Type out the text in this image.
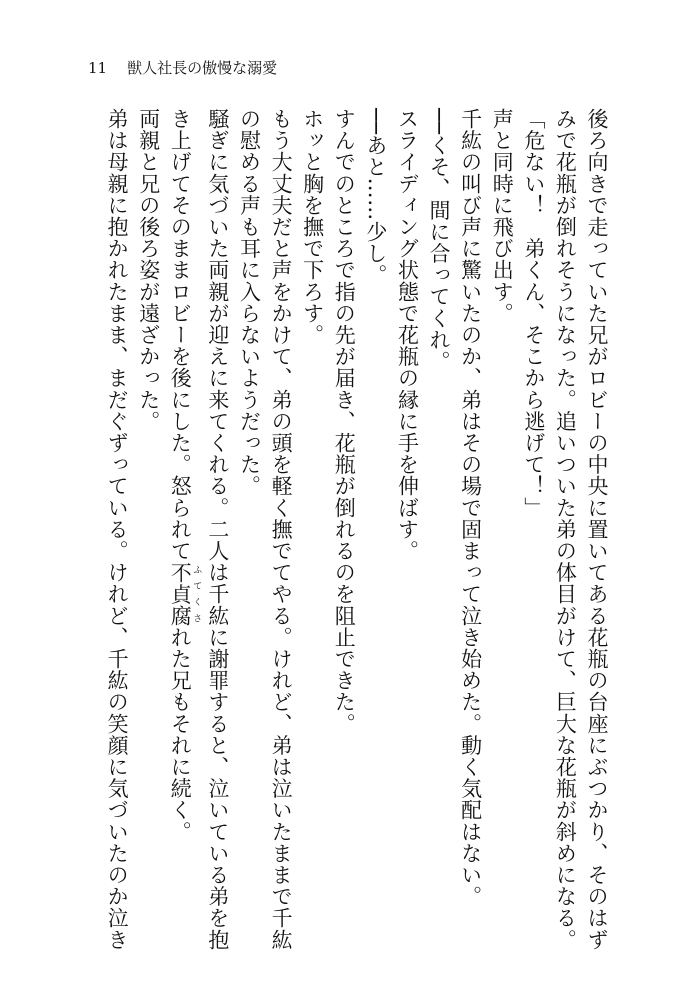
11 獣人社長の傲慢な溺愛
後ろ向きで走っていた兄がロビーの中央に置いてある花瓶の台座にぶつかり、そのはず
みで花瓶が倒れそうになった。追いついた弟の体目がけて、巨大な花瓶が斜めになる。
「危ない！　弟くん、そこから逃げて！」
声と同時に飛び出す。
千紘の叫び声に驚いたのか、弟はその場で固まって泣き始めた。動く気配はない。
──くそ、間に合ってくれ。
スライディング状態で花瓶の縁に手を伸ばす。
──あと……少し。
すんでのところで指の先が届き、花瓶が倒れるのを阻止できた。
ホッと胸を撫で下ろす。
もう大丈夫だと声をかけて、弟の頭を軽く撫でてやる。けれど、弟は泣いたままで千紘
の慰める声も耳に入らないようだった。
騒ぎに気づいた両親が迎えに来てくれる。二人は千紘に謝罪すると、泣いている弟を抱
き上げてそのままロビーを後にした。怒られて不貞腐 ふてくされた兄もそれに続く。
両親と兄の後ろ姿が遠ざかった。
弟は母親に抱かれたまま、まだぐずっている。けれど、千紘の笑顔に気づいたのか泣き
